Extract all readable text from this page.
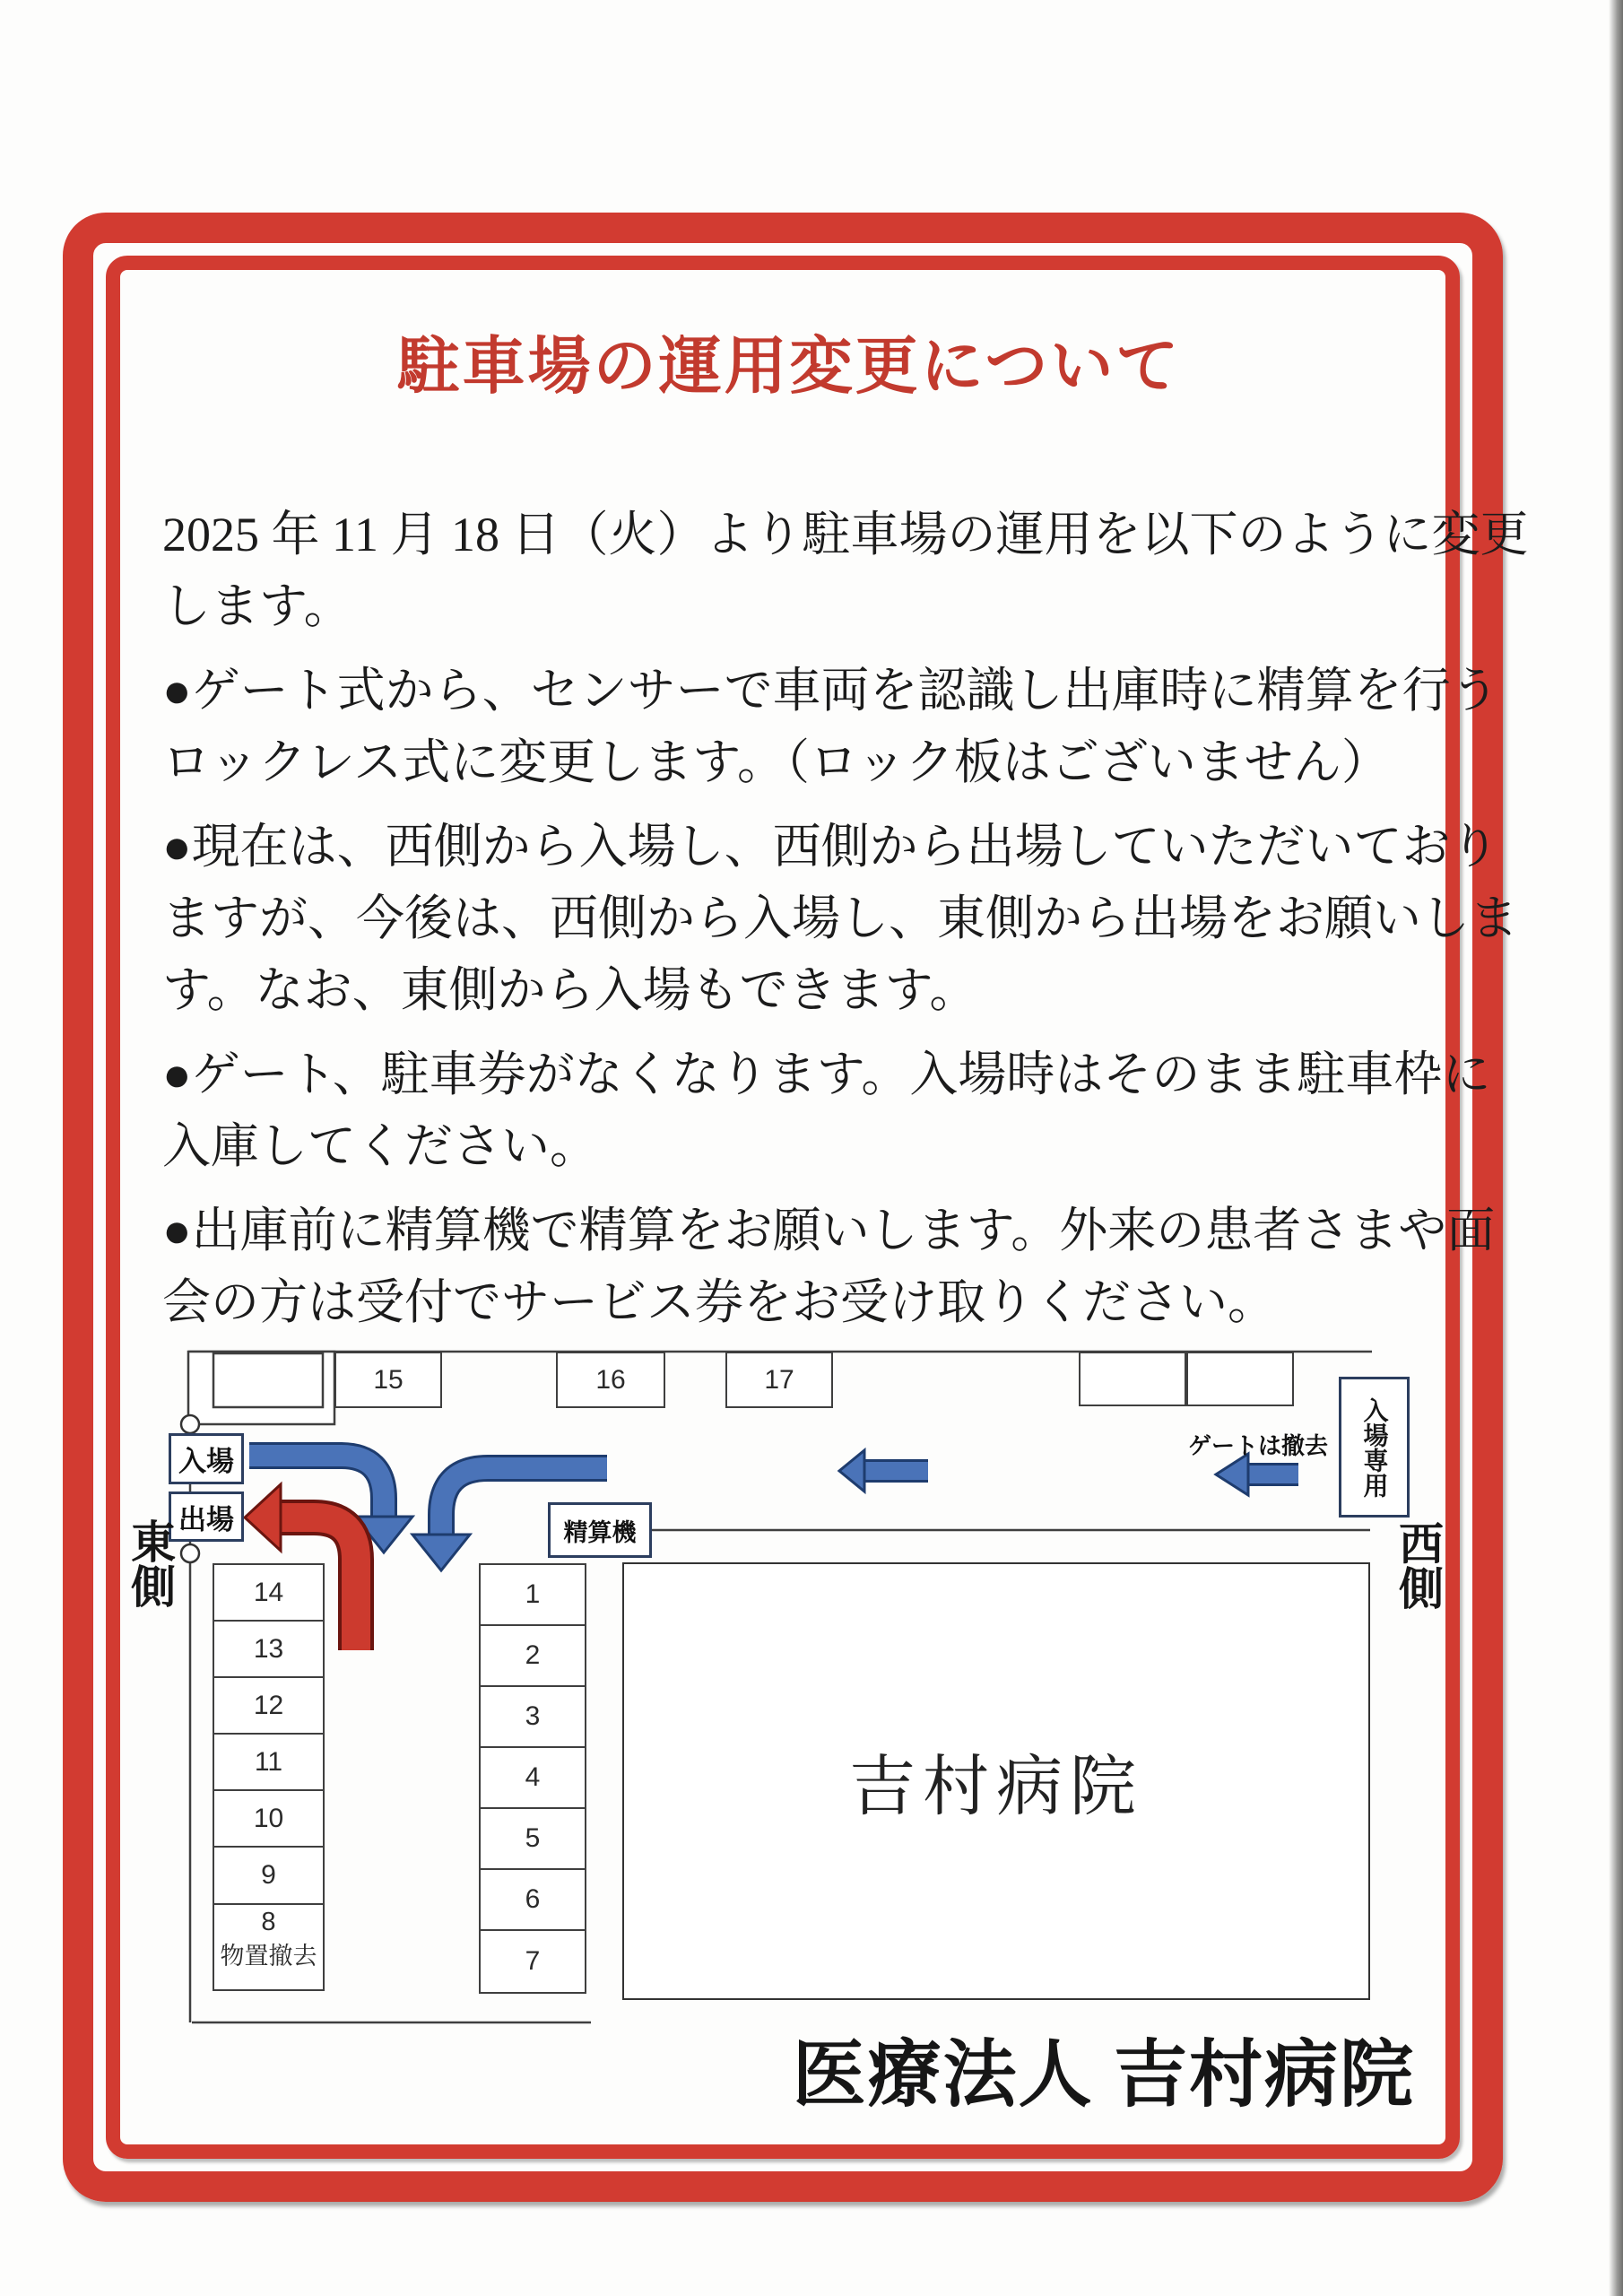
駐車場の運用変更について

2025 年 11 月 18 日（火）より駐車場の運用を以下のように変更
します。

●ゲート式から、センサーで車両を認識し出庫時に精算を行う
ロックレス式に変更します。（ロック板はございません）

●現在は、西側から入場し、西側から出場していただいており
ますが、今後は、西側から入場し、東側から出場をお願いしま
す。なお、東側から入場もできます。

●ゲート、駐車券がなくなります。入場時はそのまま駐車枠に
入庫してください。

●出庫前に精算機で精算をお願いします。外来の患者さまや面
会の方は受付でサービス券をお受け取りください。

15	16	17
入場専用
ゲートは撤去
入場
出場	精算機
東側	西側
14
13
12
11
10
9
8
物置撤去
1
2
3
4
5
6
7
吉村病院
医療法人 吉村病院
